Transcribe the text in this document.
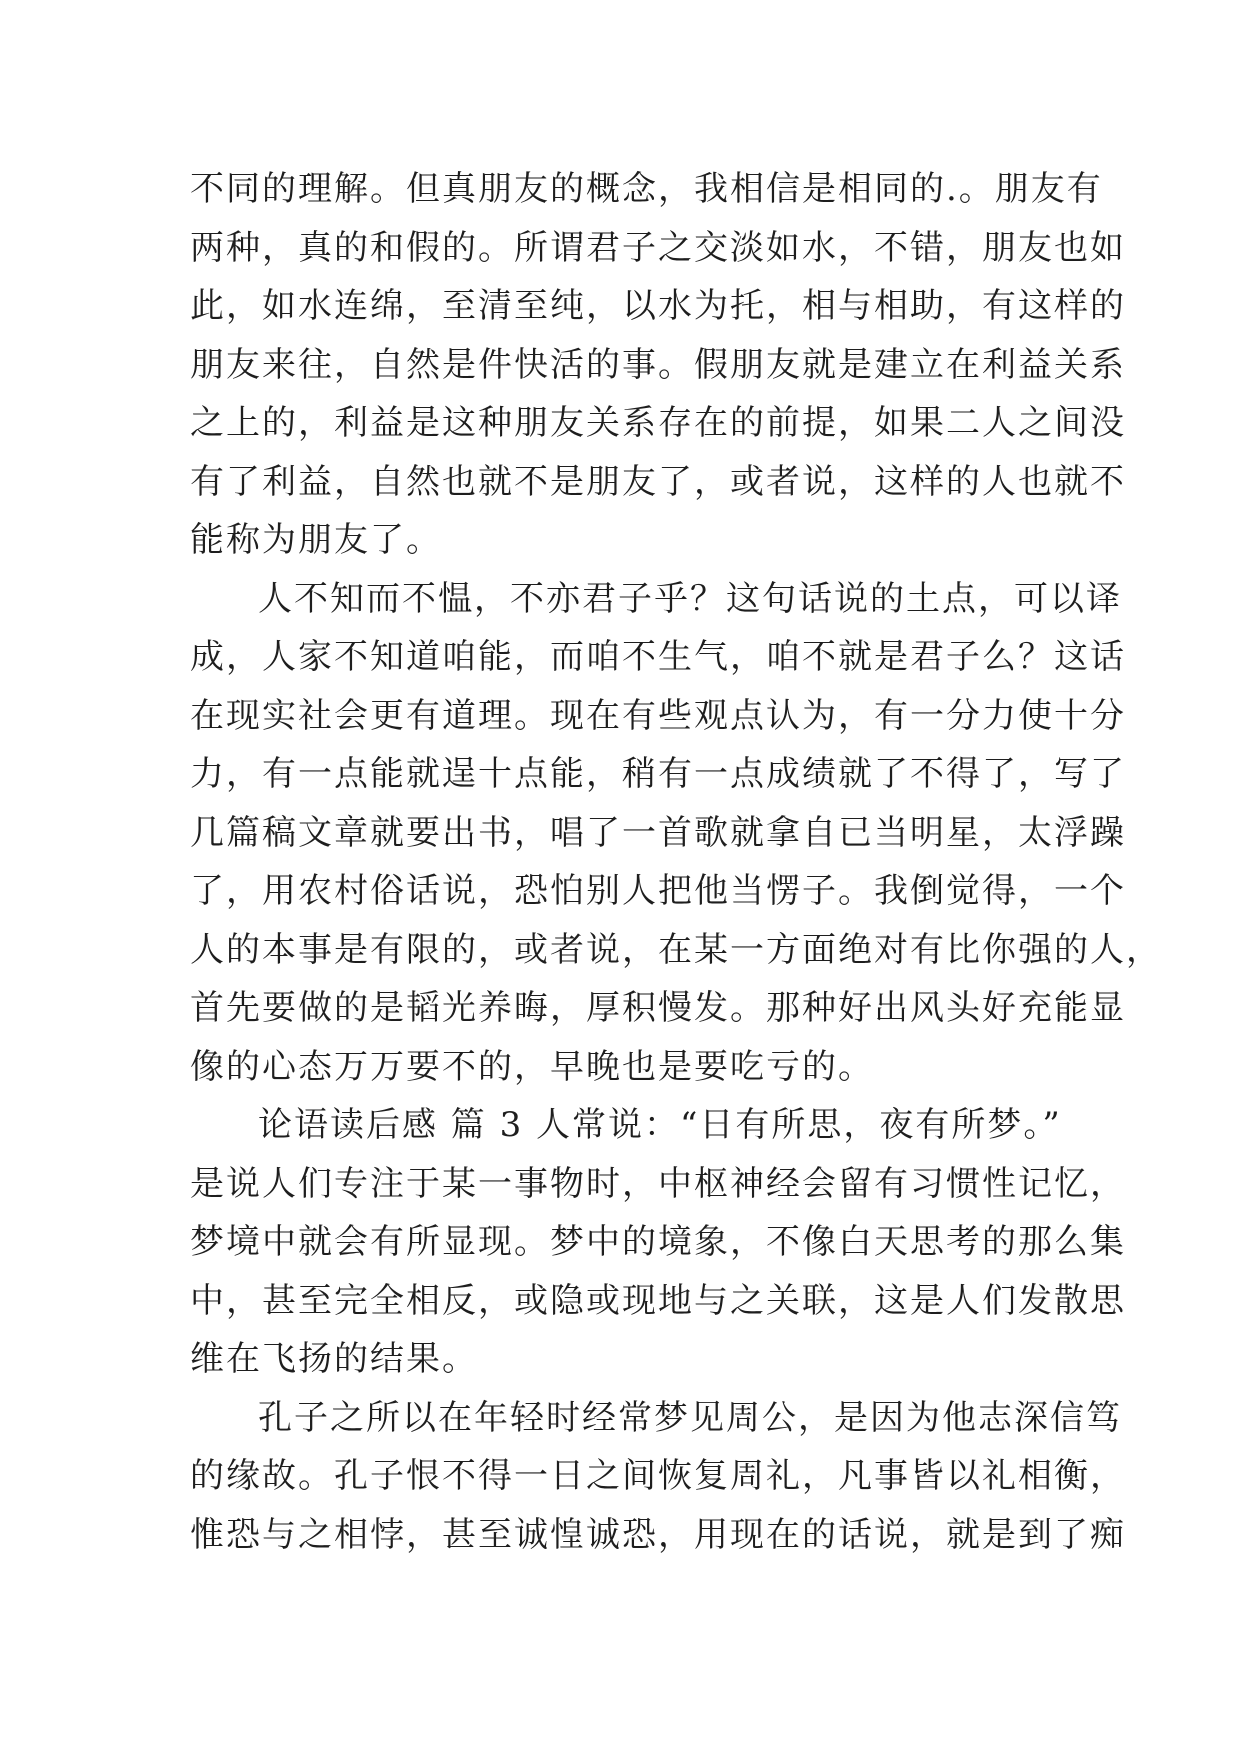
不同的理解。但真朋友的概念，我相信是相同的.。朋友有
两种，真的和假的。所谓君子之交淡如水，不错，朋友也如
此，如水连绵，至清至纯，以水为托，相与相助，有这样的
朋友来往，自然是件快活的事。假朋友就是建立在利益关系
之上的，利益是这种朋友关系存在的前提，如果二人之间没
有了利益，自然也就不是朋友了，或者说，这样的人也就不
能称为朋友了。
人不知而不愠，不亦君子乎？这句话说的土点，可以译
成，人家不知道咱能，而咱不生气，咱不就是君子么？这话
在现实社会更有道理。现在有些观点认为，有一分力使十分
力，有一点能就逞十点能，稍有一点成绩就了不得了，写了
几篇稿文章就要出书，唱了一首歌就拿自已当明星，太浮躁
了，用农村俗话说，恐怕别人把他当愣子。我倒觉得，一个
人的本事是有限的，或者说，在某一方面绝对有比你强的人，
首先要做的是韬光养晦，厚积慢发。那种好出风头好充能显
像的心态万万要不的，早晚也是要吃亏的。
论语读后感 篇 3 人常说：“日有所思，夜有所梦。”
是说人们专注于某一事物时，中枢神经会留有习惯性记忆，
梦境中就会有所显现。梦中的境象，不像白天思考的那么集
中，甚至完全相反，或隐或现地与之关联，这是人们发散思
维在飞扬的结果。
孔子之所以在年轻时经常梦见周公，是因为他志深信笃
的缘故。孔子恨不得一日之间恢复周礼，凡事皆以礼相衡，
惟恐与之相悖，甚至诚惶诚恐，用现在的话说，就是到了痴
